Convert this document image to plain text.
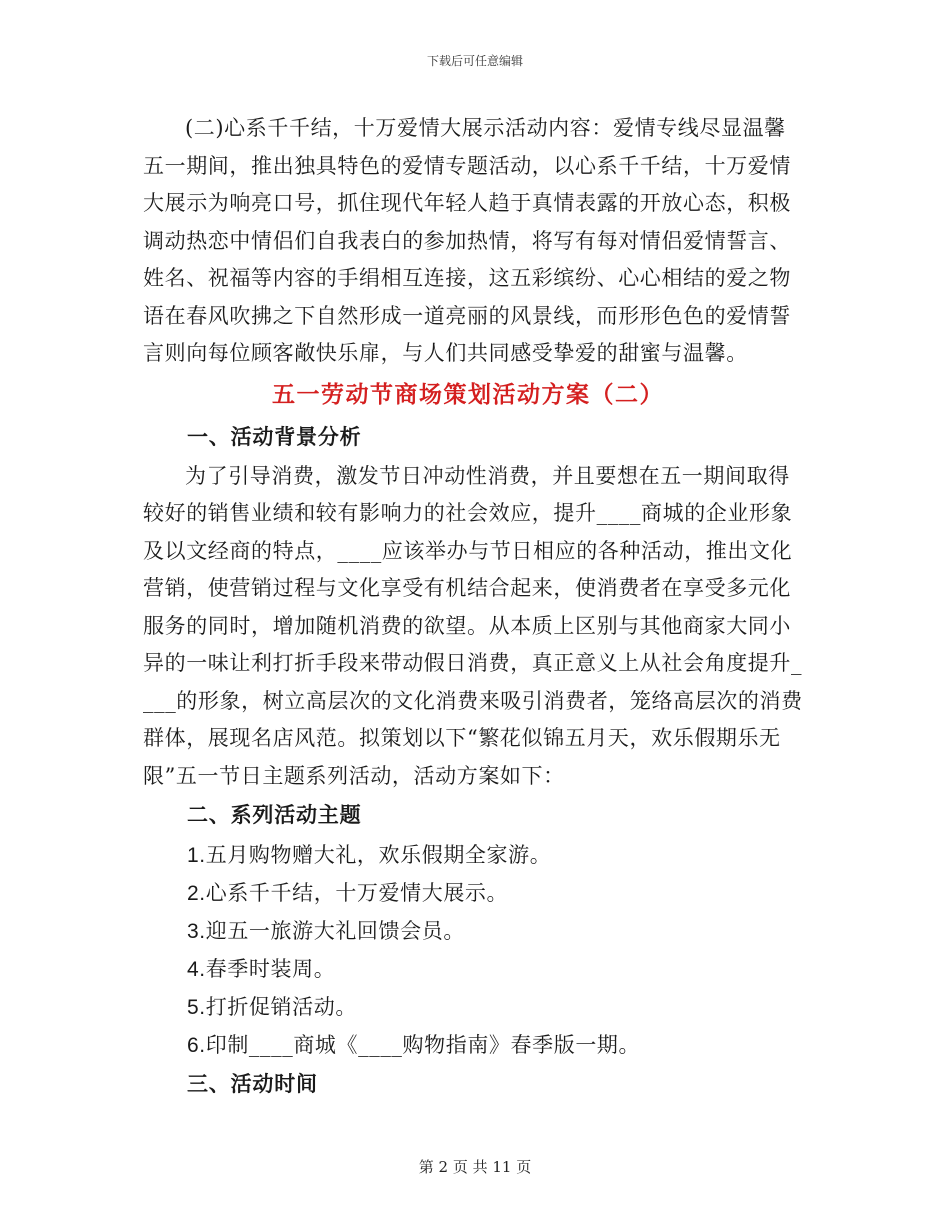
下载后可任意编辑
(二)心系千千结，十万爱情大展示活动内容：爱情专线尽显温馨
五一期间，推出独具特色的爱情专题活动，以心系千千结，十万爱情
大展示为响亮口号，抓住现代年轻人趋于真情表露的开放心态，积极
调动热恋中情侣们自我表白的参加热情，将写有每对情侣爱情誓言、
姓名、祝福等内容的手绢相互连接，这五彩缤纷、心心相结的爱之物
语在春风吹拂之下自然形成一道亮丽的风景线，而形形色色的爱情誓
言则向每位顾客敞快乐扉，与人们共同感受挚爱的甜蜜与温馨。
五一劳动节商场策划活动方案（二）
一、活动背景分析
为了引导消费，激发节日冲动性消费，并且要想在五一期间取得
较好的销售业绩和较有影响力的社会效应，提升____商城的企业形象
及以文经商的特点，____应该举办与节日相应的各种活动，推出文化
营销，使营销过程与文化享受有机结合起来，使消费者在享受多元化
服务的同时，增加随机消费的欲望。从本质上区别与其他商家大同小
异的一味让利打折手段来带动假日消费，真正意义上从社会角度提升_
___的形象，树立高层次的文化消费来吸引消费者，笼络高层次的消费
群体，展现名店风范。拟策划以下“繁花似锦五月天，欢乐假期乐无
限”五一节日主题系列活动，活动方案如下：
二、系列活动主题
1.五月购物赠大礼，欢乐假期全家游。
2.心系千千结，十万爱情大展示。
3.迎五一旅游大礼回馈会员。
4.春季时装周。
5.打折促销活动。
6.印制____商城《____购物指南》春季版一期。
三、活动时间
第 2 页 共 11 页
